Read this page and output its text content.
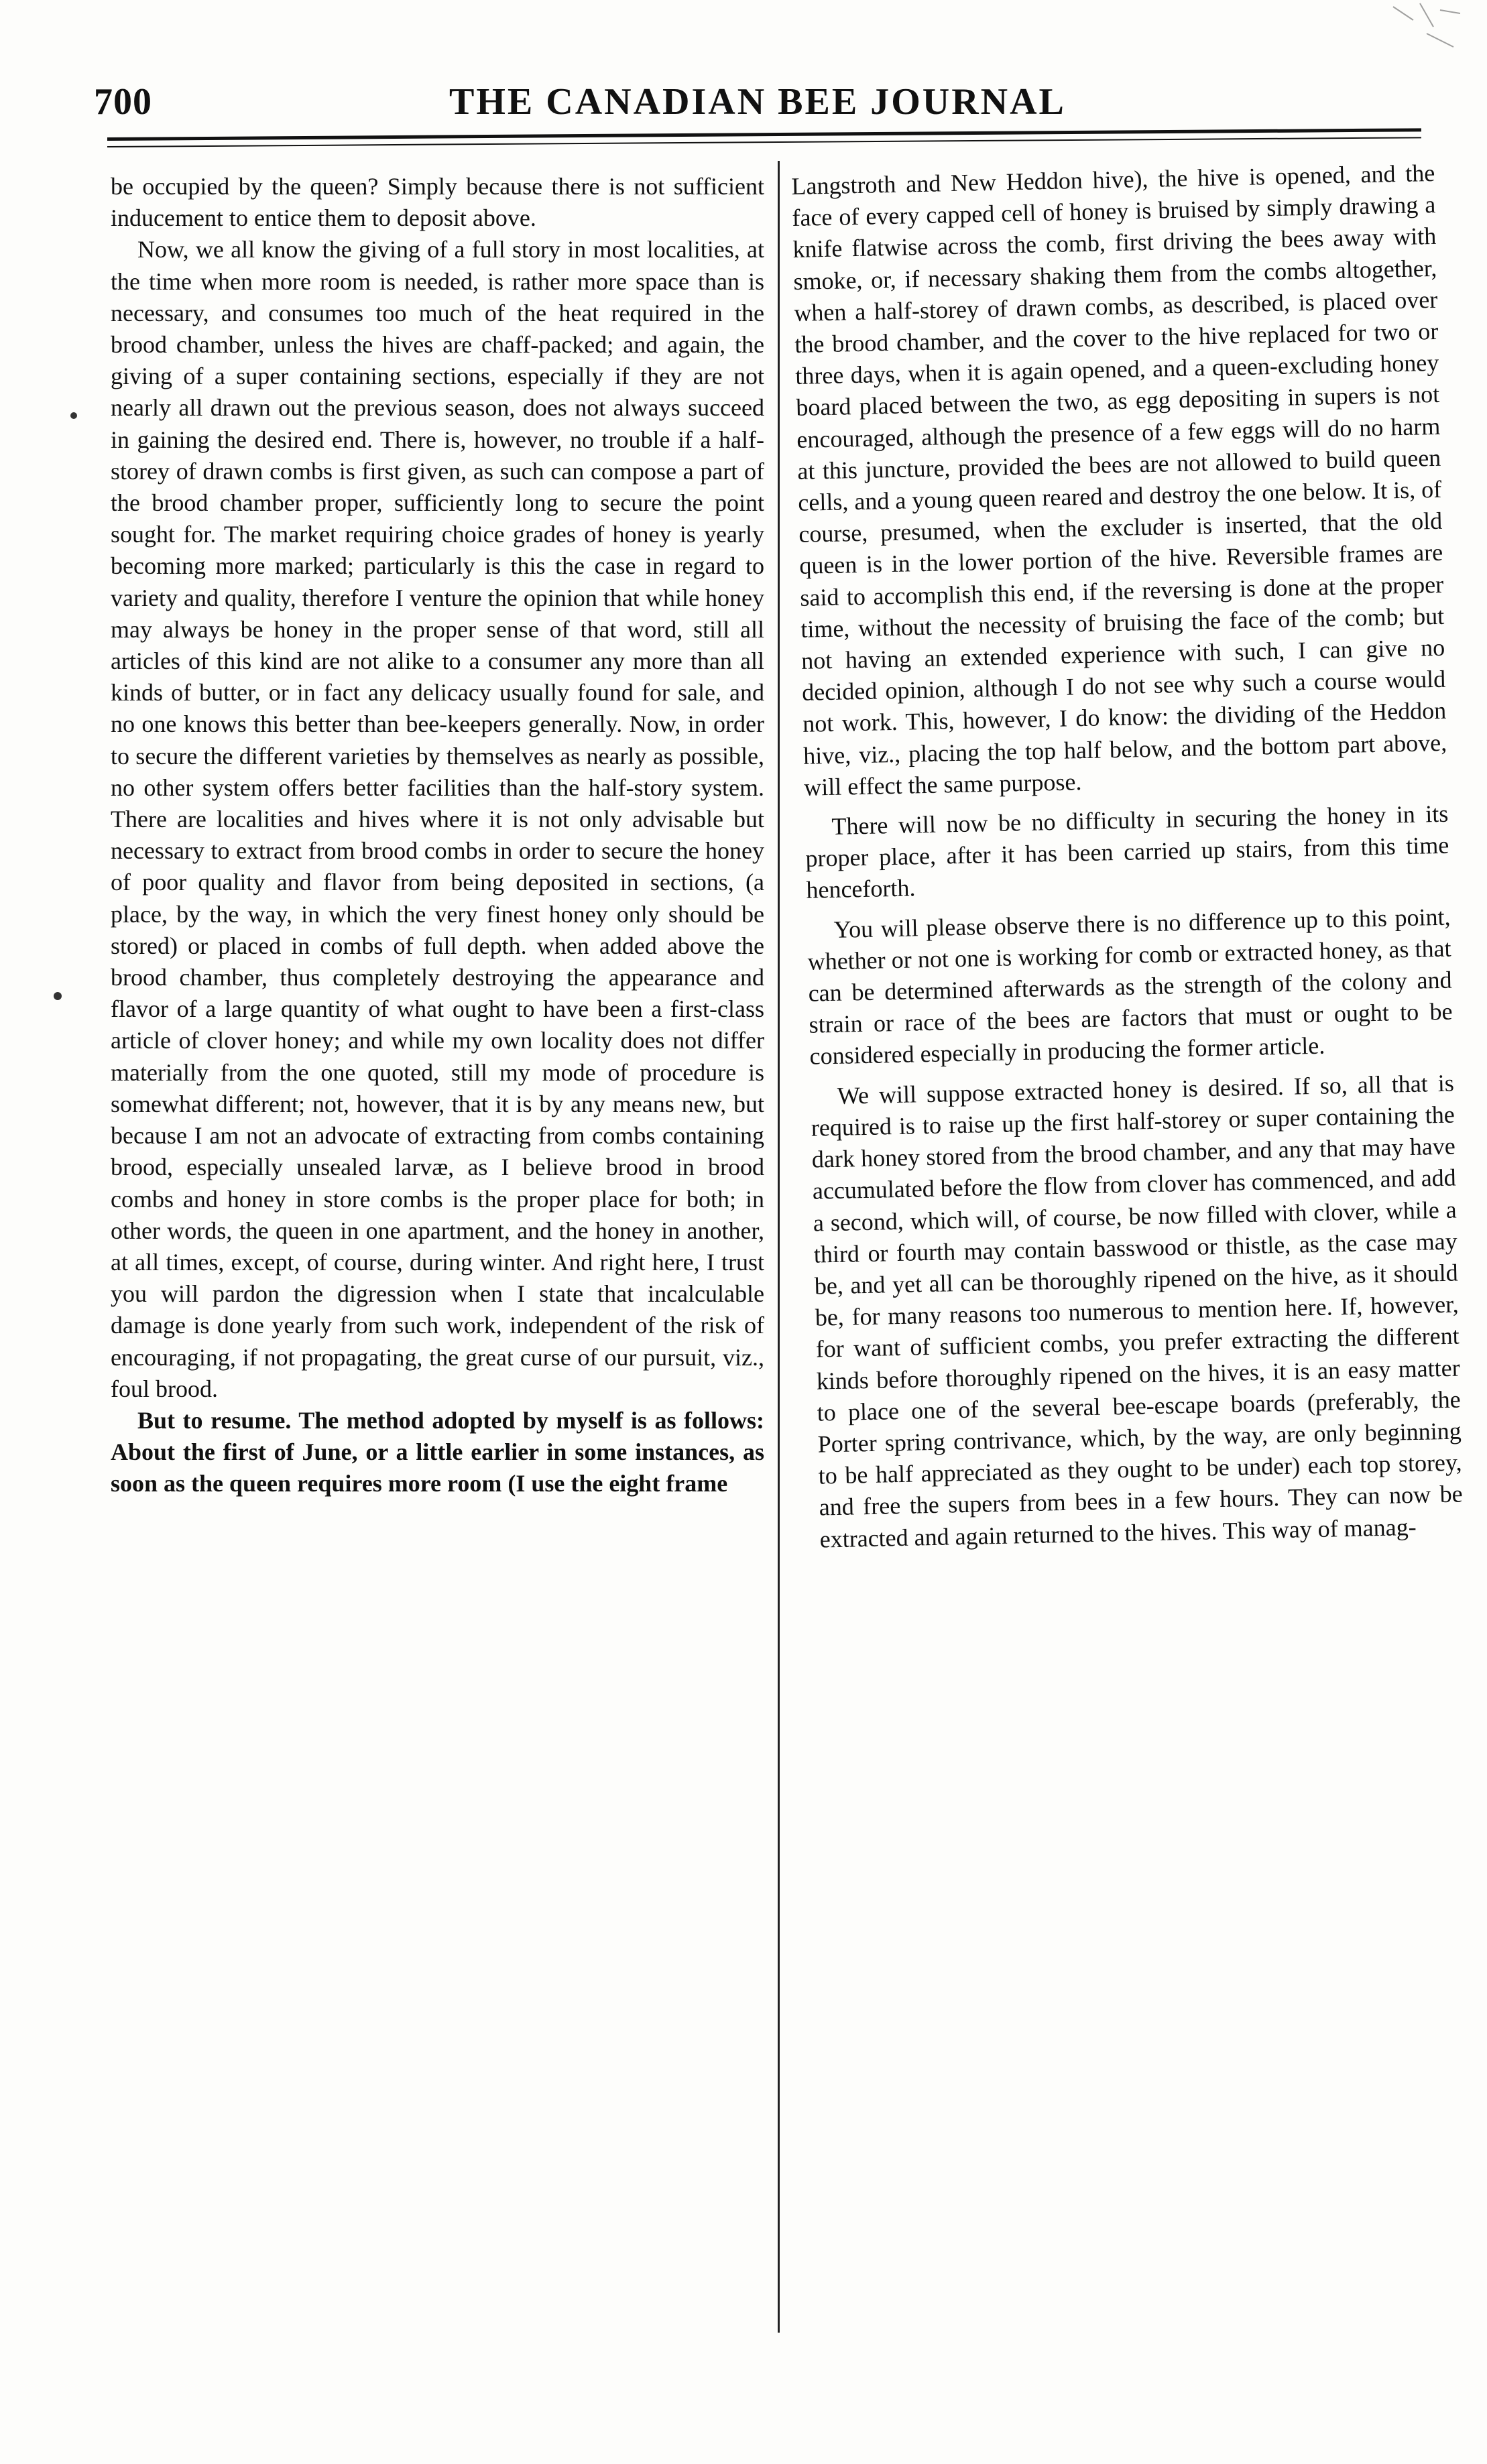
700	THE CANADIAN BEE JOURNAL

be occupied by the queen? Simply because there is not sufficient inducement to entice them to deposit above.

Now, we all know the giving of a full story in most localities, at the time when more room is needed, is rather more space than is necessary, and consumes too much of the heat required in the brood chamber, unless the hives are chaff-packed; and again, the giving of a super containing sections, especially if they are not nearly all drawn out the previous season, does not always succeed in gaining the desired end. There is, however, no trouble if a half-storey of drawn combs is first given, as such can compose a part of the brood chamber proper, sufficiently long to secure the point sought for. The market requiring choice grades of honey is yearly becoming more marked; particularly is this the case in regard to variety and quality, therefore I venture the opinion that while honey may always be honey in the proper sense of that word, still all articles of this kind are not alike to a consumer any more than all kinds of butter, or in fact any delicacy usually found for sale, and no one knows this better than bee-keepers generally. Now, in order to secure the different varieties by themselves as nearly as possible, no other system offers better facilities than the half-story system. There are localities and hives where it is not only advisable but necessary to extract from brood combs in order to secure the honey of poor quality and flavor from being deposited in sections, (a place, by the way, in which the very finest honey only should be stored) or placed in combs of full depth. when added above the brood chamber, thus completely destroying the appearance and flavor of a large quantity of what ought to have been a first-class article of clover honey; and while my own locality does not differ materially from the one quoted, still my mode of procedure is somewhat different; not, however, that it is by any means new, but because I am not an advocate of extracting from combs containing brood, especially unsealed larvæ, as I believe brood in brood combs and honey in store combs is the proper place for both; in other words, the queen in one apartment, and the honey in another, at all times, except, of course, during winter. And right here, I trust you will pardon the digression when I state that incalculable damage is done yearly from such work, independent of the risk of encouraging, if not propagating, the great curse of our pursuit, viz., foul brood.

But to resume. The method adopted by myself is as follows: About the first of June, or a little earlier in some instances, as soon as the queen requires more room (I use the eight frame

Langstroth and New Heddon hive), the hive is opened, and the face of every capped cell of honey is bruised by simply drawing a knife flatwise across the comb, first driving the bees away with smoke, or, if necessary shaking them from the combs altogether, when a half-storey of drawn combs, as described, is placed over the brood chamber, and the cover to the hive replaced for two or three days, when it is again opened, and a queen-excluding honey board placed between the two, as egg depositing in supers is not encouraged, although the presence of a few eggs will do no harm at this juncture, provided the bees are not allowed to build queen cells, and a young queen reared and destroy the one below. It is, of course, presumed, when the excluder is inserted, that the old queen is in the lower portion of the hive. Reversible frames are said to accomplish this end, if the reversing is done at the proper time, without the necessity of bruising the face of the comb; but not having an extended experience with such, I can give no decided opinion, although I do not see why such a course would not work. This, however, I do know: the dividing of the Heddon hive, viz., placing the top half below, and the bottom part above, will effect the same purpose.

There will now be no difficulty in securing the honey in its proper place, after it has been carried up stairs, from this time henceforth.

You will please observe there is no difference up to this point, whether or not one is working for comb or extracted honey, as that can be determined afterwards as the strength of the colony and strain or race of the bees are factors that must or ought to be considered especially in producing the former article.

We will suppose extracted honey is desired. If so, all that is required is to raise up the first half-storey or super containing the dark honey stored from the brood chamber, and any that may have accumulated before the flow from clover has commenced, and add a second, which will, of course, be now filled with clover, while a third or fourth may contain basswood or thistle, as the case may be, and yet all can be thoroughly ripened on the hive, as it should be, for many reasons too numerous to mention here. If, however, for want of sufficient combs, you prefer extracting the different kinds before thoroughly ripened on the hives, it is an easy matter to place one of the several bee-escape boards (preferably, the Porter spring contrivance, which, by the way, are only beginning to be half appreciated as they ought to be under) each top storey, and free the supers from bees in a few hours. They can now be extracted and again returned to the hives. This way of manag-
